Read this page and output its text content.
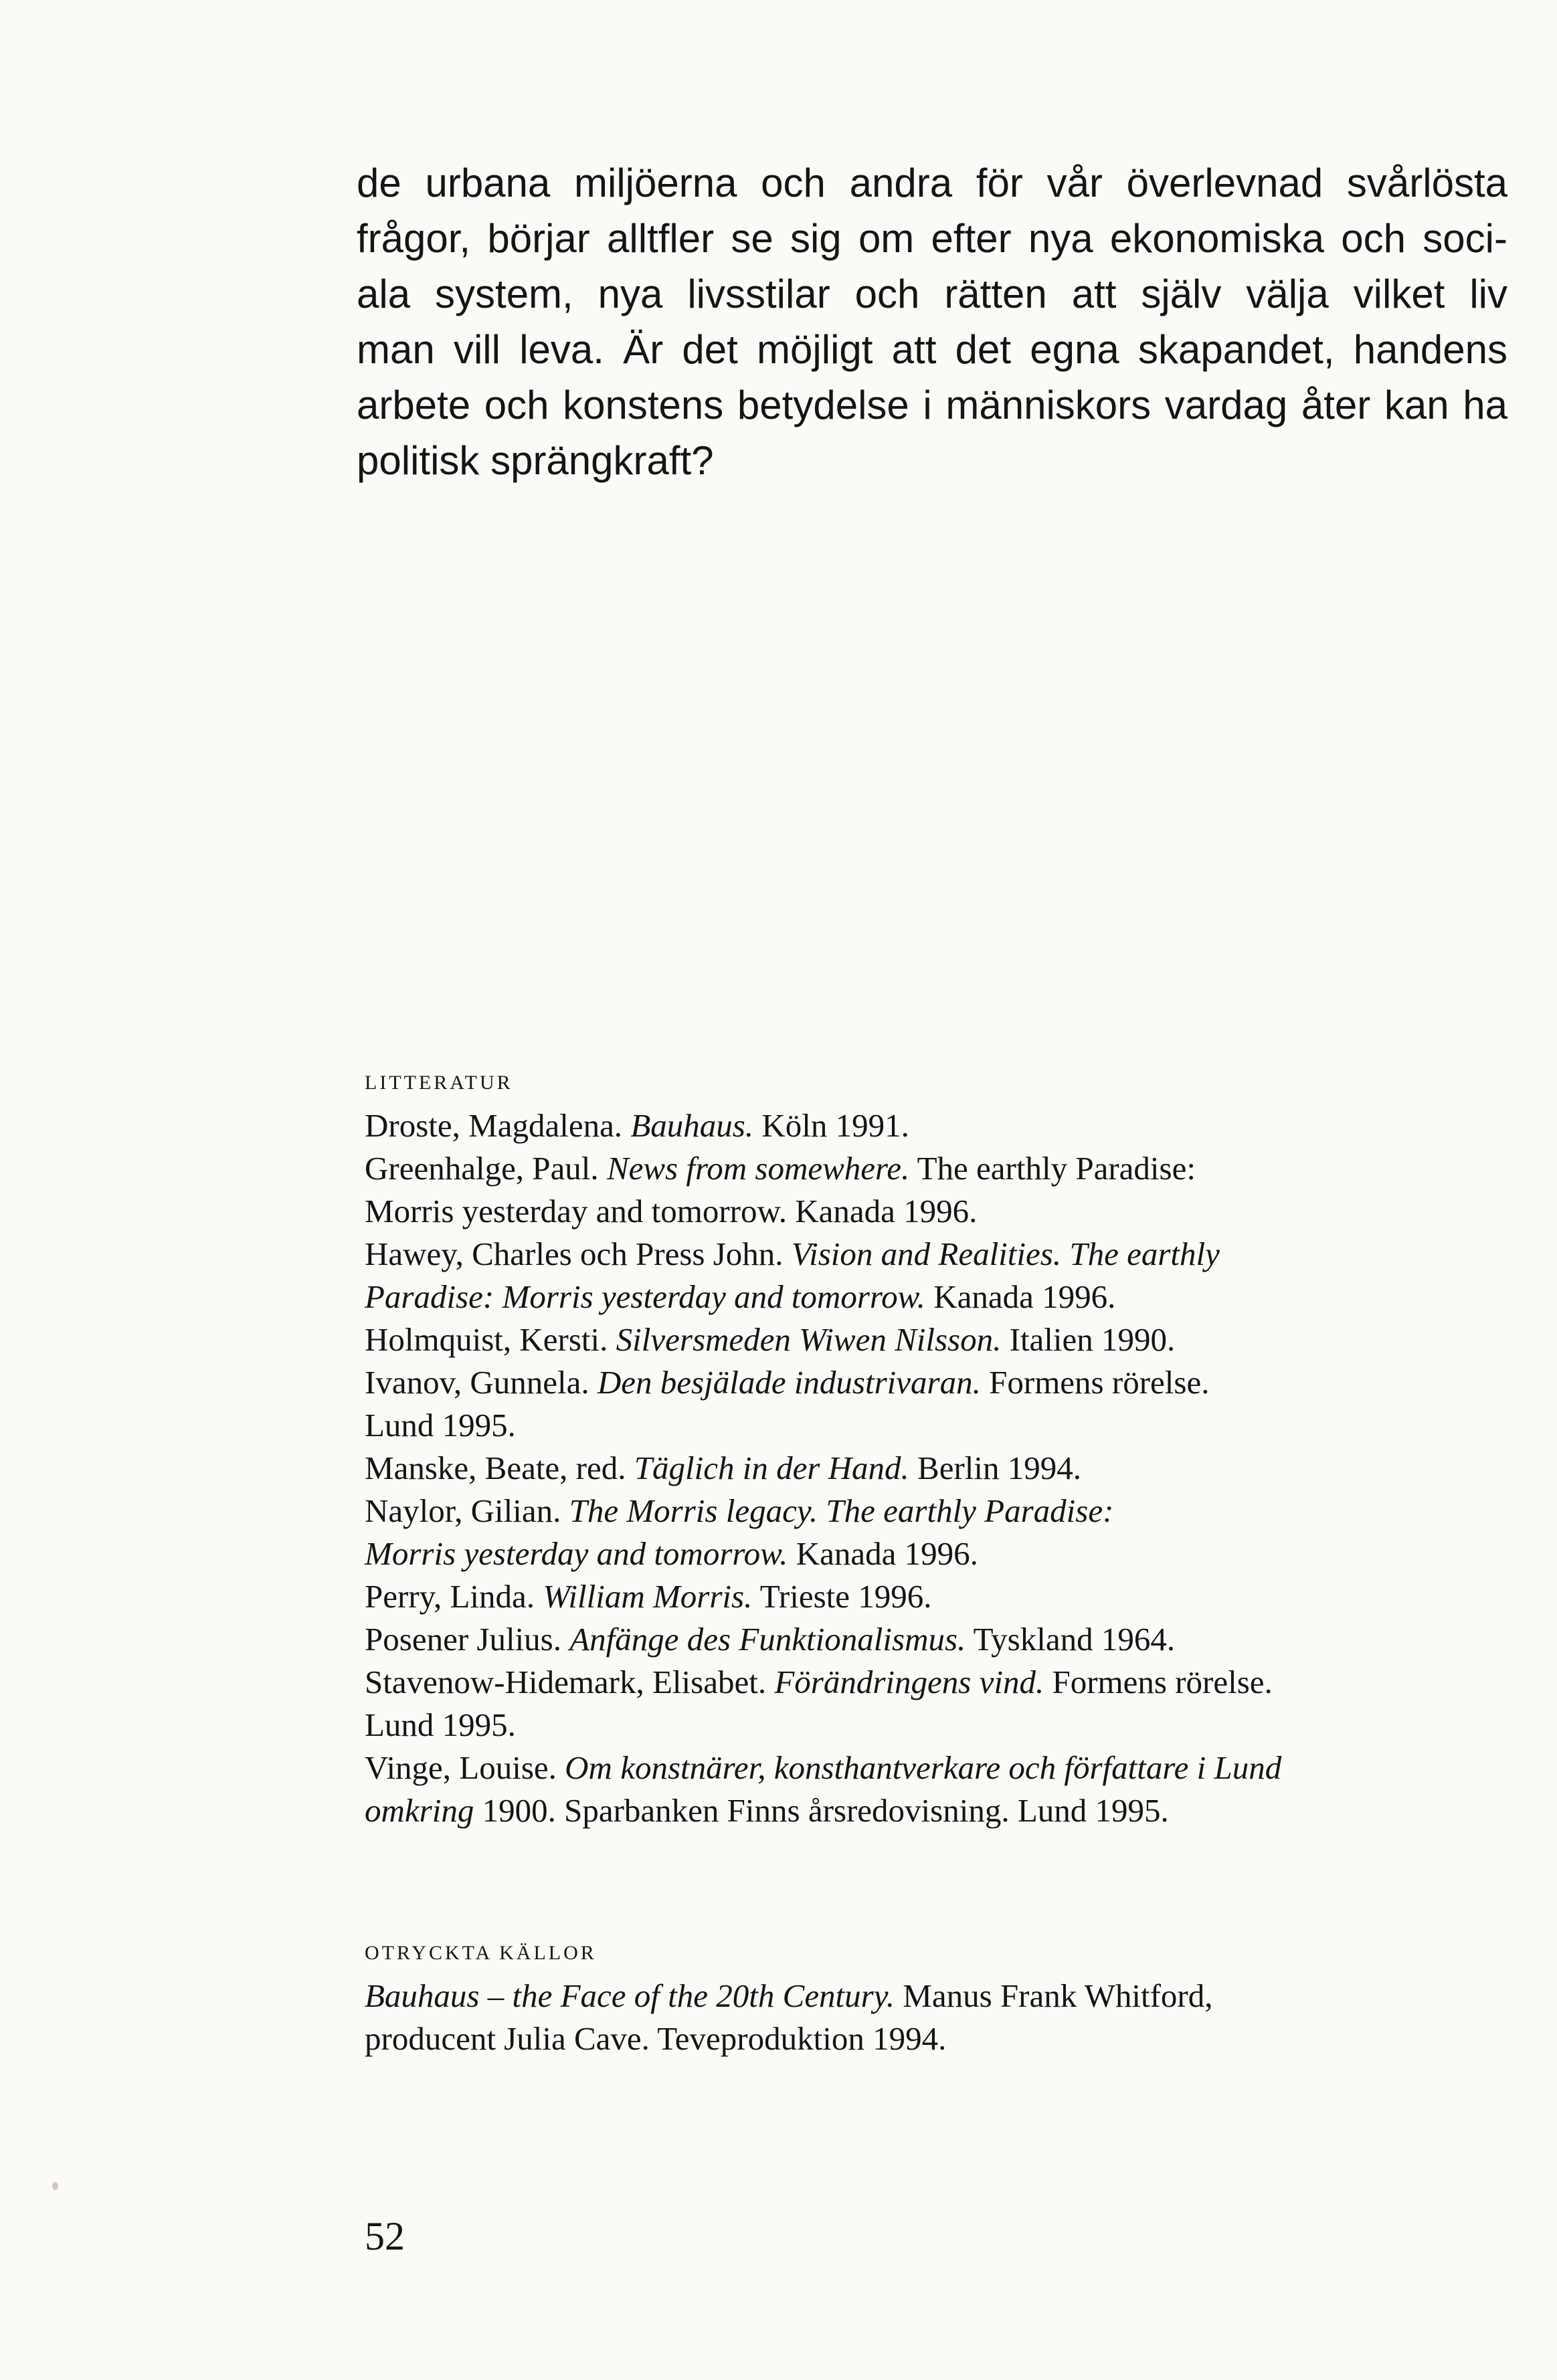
de urbana miljöerna och andra för vår överlevnad svårlösta
frågor, börjar alltfler se sig om efter nya ekonomiska och soci-
ala system, nya livsstilar och rätten att själv välja vilket liv
man vill leva. Är det möjligt att det egna skapandet, handens
arbete och konstens betydelse i människors vardag åter kan ha
politisk sprängkraft?
LITTERATUR
Droste, Magdalena. Bauhaus. Köln 1991.
Greenhalge, Paul. News from somewhere. The earthly Paradise:
Morris yesterday and tomorrow. Kanada 1996.
Hawey, Charles och Press John. Vision and Realities. The earthly
Paradise: Morris yesterday and tomorrow. Kanada 1996.
Holmquist, Kersti. Silversmeden Wiwen Nilsson. Italien 1990.
Ivanov, Gunnela. Den besjälade industrivaran. Formens rörelse.
Lund 1995.
Manske, Beate, red. Täglich in der Hand. Berlin 1994.
Naylor, Gilian. The Morris legacy. The earthly Paradise:
Morris yesterday and tomorrow. Kanada 1996.
Perry, Linda. William Morris. Trieste 1996.
Posener Julius. Anfänge des Funktionalismus. Tyskland 1964.
Stavenow-Hidemark, Elisabet. Förändringens vind. Formens rörelse.
Lund 1995.
Vinge, Louise. Om konstnärer, konsthantverkare och författare i Lund
omkring 1900. Sparbanken Finns årsredovisning. Lund 1995.
OTRYCKTA KÄLLOR
Bauhaus – the Face of the 20th Century. Manus Frank Whitford,
producent Julia Cave. Teveproduktion 1994.
52
